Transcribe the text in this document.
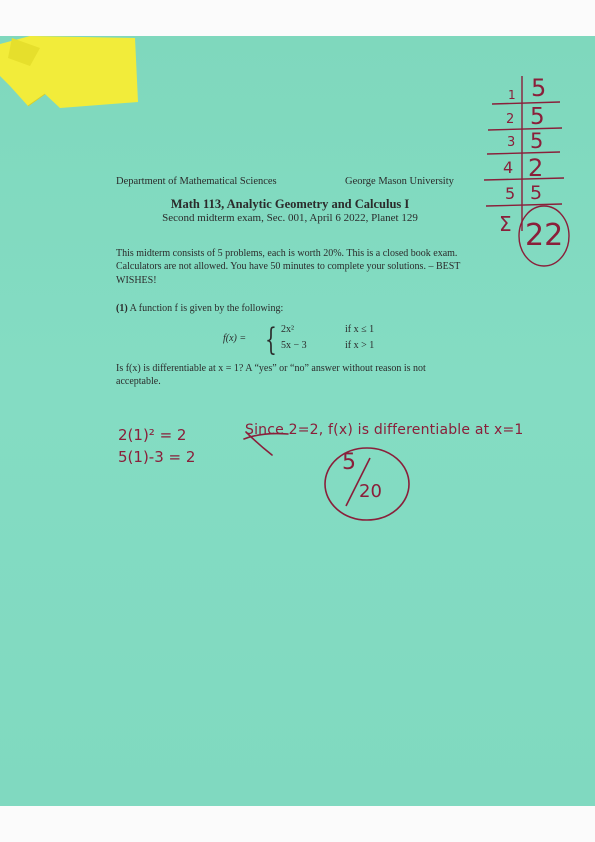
Department of Mathematical Sciences	George Mason University
Math 113, Analytic Geometry and Calculus I
Second midterm exam, Sec. 001, April 6 2022, Planet 129
This midterm consists of 5 problems, each is worth 20%. This is a closed book exam. Calculators are not allowed. You have 50 minutes to complete your solutions. – BEST WISHES!
(1) A function f is given by the following:
f(x) = { 2x²	if x ≤ 1
5x − 3	if x > 1
Is f(x) is differentiable at x = 1? A “yes” or “no” answer without reason is not acceptable.
2(1)² = 2
5(1)-3 = 2
Since 2=2, f(x) is differentiable at x=1
5
20
1 5
2 5
3 5
4 2
5 5
Σ 22
